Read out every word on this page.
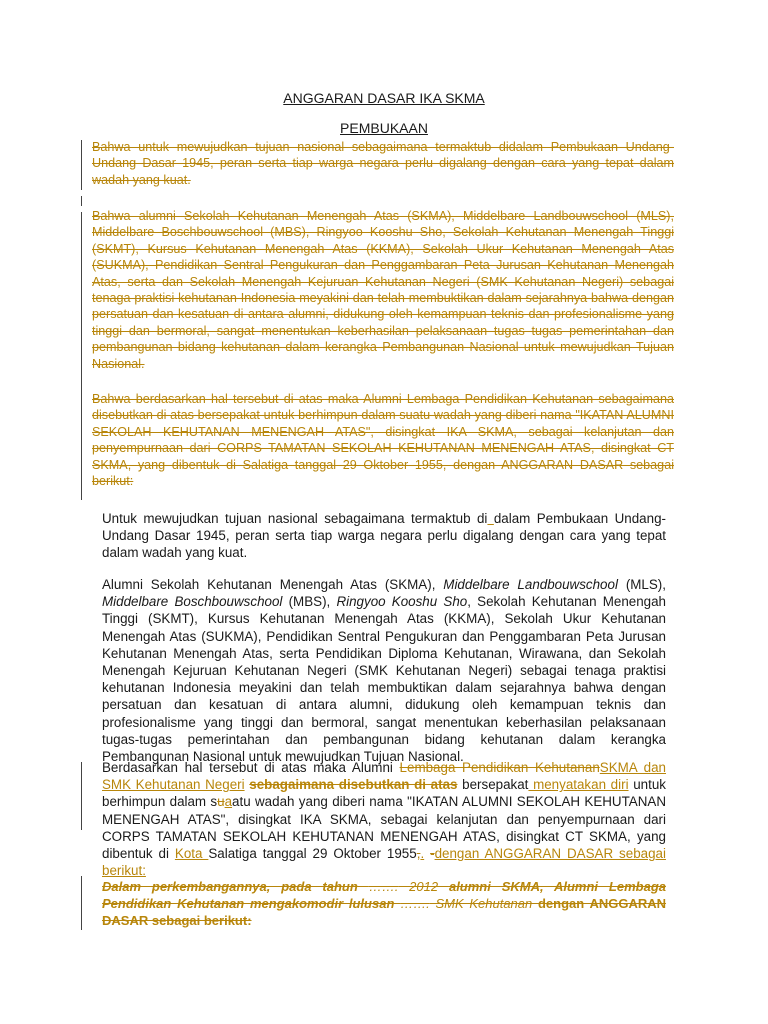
ANGGARAN DASAR IKA SKMA
PEMBUKAAN

Bahwa untuk mewujudkan tujuan nasional sebagaimana termaktub didalam Pembukaan Undang-Undang Dasar 1945, peran serta tiap warga negara perlu digalang dengan cara yang tepat dalam wadah yang kuat.

Bahwa alumni Sekolah Kehutanan Menengah Atas (SKMA), Middelbare Landbouwschool (MLS), Middelbare Boschbouwschool (MBS), Ringyoo Kooshu Sho, Sekolah Kehutanan Menengah Tinggi (SKMT), Kursus Kehutanan Menengah Atas (KKMA), Sekolah Ukur Kehutanan Menengah Atas (SUKMA), Pendidikan Sentral Pengukuran dan Penggambaran Peta Jurusan Kehutanan Menengah Atas, serta dan Sekolah Menengah Kejuruan Kehutanan Negeri (SMK Kehutanan Negeri) sebagai tenaga praktisi kehutanan Indonesia meyakini dan telah membuktikan dalam sejarahnya bahwa dengan persatuan dan kesatuan di antara alumni, didukung oleh kemampuan teknis dan profesionalisme yang tinggi dan bermoral, sangat menentukan keberhasilan pelaksanaan tugas tugas pemerintahan dan pembangunan bidang kehutanan dalam kerangka Pembangunan Nasional untuk mewujudkan Tujuan Nasional.

Bahwa berdasarkan hal tersebut di atas maka Alumni Lembaga Pendidikan Kehutanan sebagaimana disebutkan di atas bersepakat untuk berhimpun dalam suatu wadah yang diberi nama "IKATAN ALUMNI SEKOLAH KEHUTANAN MENENGAH ATAS", disingkat IKA SKMA, sebagai kelanjutan dan penyempurnaan dari CORPS TAMATAN SEKOLAH KEHUTANAN MENENGAH ATAS, disingkat CT SKMA, yang dibentuk di Salatiga tanggal 29 Oktober 1955, dengan ANGGARAN DASAR sebagai berikut:

Untuk mewujudkan tujuan nasional sebagaimana termaktub di dalam Pembukaan Undang-Undang Dasar 1945, peran serta tiap warga negara perlu digalang dengan cara yang tepat dalam wadah yang kuat.

Alumni Sekolah Kehutanan Menengah Atas (SKMA), Middelbare Landbouwschool (MLS), Middelbare Boschbouwschool (MBS), Ringyoo Kooshu Sho, Sekolah Kehutanan Menengah Tinggi (SKMT), Kursus Kehutanan Menengah Atas (KKMA), Sekolah Ukur Kehutanan Menengah Atas (SUKMA), Pendidikan Sentral Pengukuran dan Penggambaran Peta Jurusan Kehutanan Menengah Atas, serta Pendidikan Diploma Kehutanan, Wirawana, dan Sekolah Menengah Kejuruan Kehutanan Negeri (SMK Kehutanan Negeri) sebagai tenaga praktisi kehutanan Indonesia meyakini dan telah membuktikan dalam sejarahnya bahwa dengan persatuan dan kesatuan di antara alumni, didukung oleh kemampuan teknis dan profesionalisme yang tinggi dan bermoral, sangat menentukan keberhasilan pelaksanaan tugas-tugas pemerintahan dan pembangunan bidang kehutanan dalam kerangka Pembangunan Nasional untuk mewujudkan Tujuan Nasional.

Berdasarkan hal tersebut di atas maka Alumni Lembaga Pendidikan KehutananSKMA dan SMK Kehutanan Negeri sebagaimana disebutkan di atas bersepakat menyatakan diri untuk berhimpun dalam suaatu wadah yang diberi nama "IKATAN ALUMNI SEKOLAH KEHUTANAN MENENGAH ATAS", disingkat IKA SKMA, sebagai kelanjutan dan penyempurnaan dari CORPS TAMATAN SEKOLAH KEHUTANAN MENENGAH ATAS, disingkat CT SKMA, yang dibentuk di Kota Salatiga tanggal 29 Oktober 1955,. -dengan ANGGARAN DASAR sebagai berikut:

Dalam perkembangannya, pada tahun ……. 2012 alumni SKMA, Alumni Lembaga Pendidikan Kehutanan mengakomodir lulusan ……. SMK Kehutanan dengan ANGGARAN DASAR sebagai berikut:
